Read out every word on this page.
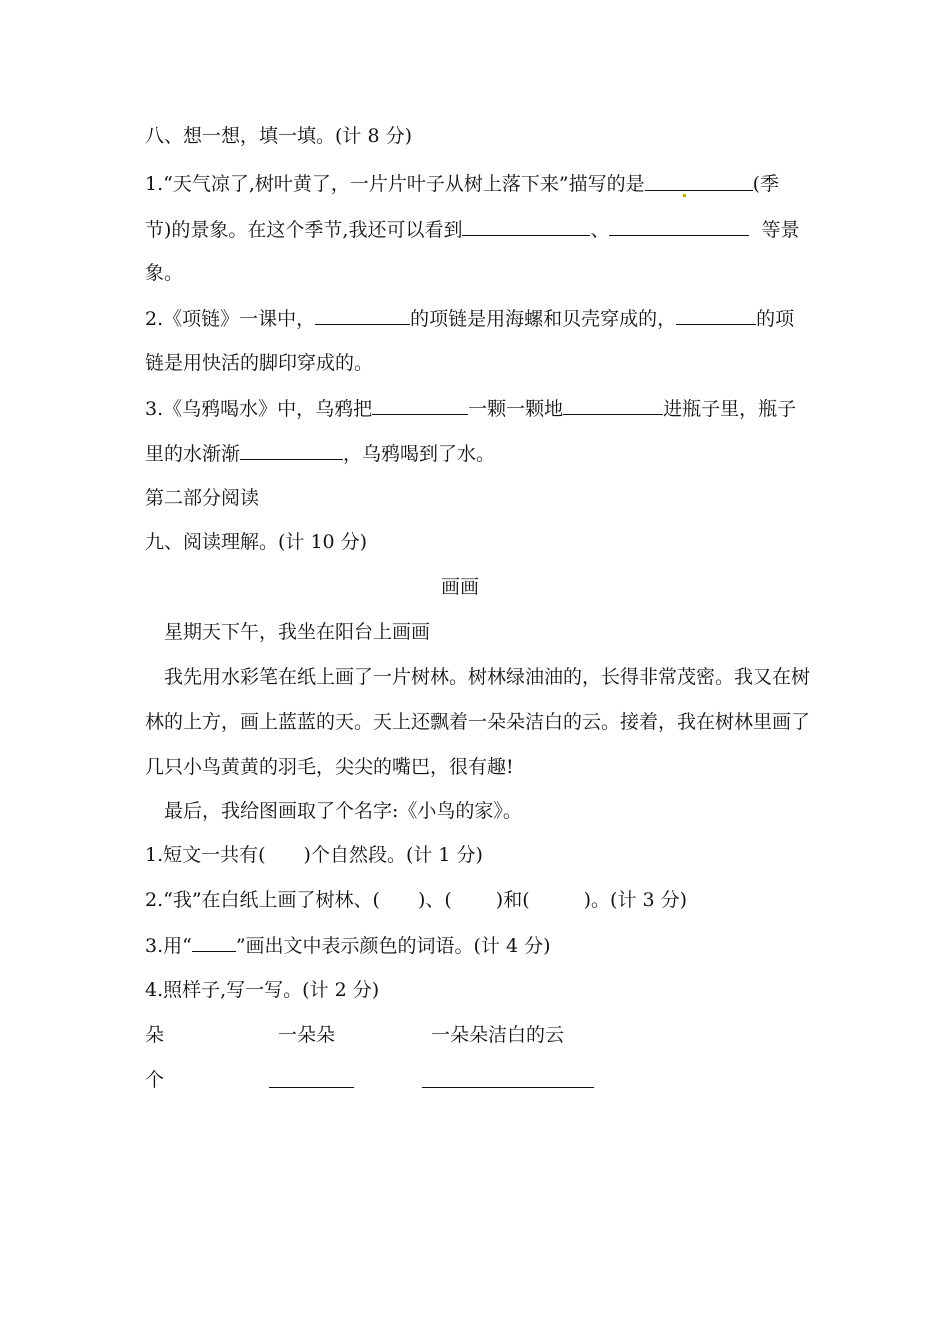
八、想一想，填一填。(计 8 分)
1.“天气凉了,树叶黄了，一片片叶子从树上落下来”描写的是	(季
节)的景象。在这个季节,我还可以看到	、	等景
象。
2.《项链》一课中，	的项链是用海螺和贝壳穿成的，	的项
链是用快活的脚印穿成的。
3.《乌鸦喝水》中，乌鸦把	一颗一颗地	进瓶子里，瓶子
里的水渐渐	，乌鸦喝到了水。
第二部分阅读
九、阅读理解。(计 10 分)
画画
星期天下午，我坐在阳台上画画
我先用水彩笔在纸上画了一片树林。树林绿油油的，长得非常茂密。我又在树
林的上方，画上蓝蓝的天。天上还飘着一朵朵洁白的云。接着，我在树林里画了
几只小鸟黄黄的羽毛，尖尖的嘴巴，很有趣!
最后，我给图画取了个名字:《小鸟的家》。
1.短文一共有( )个自然段。(计 1 分)
2.“我”在白纸上画了树林、( )、( )和(	)。(计 3 分)
3.用“ ”画出文中表示颜色的词语。(计 4 分)
4.照样子,写一写。(计 2 分)
朵	一朵朵	一朵朵洁白的云
个
